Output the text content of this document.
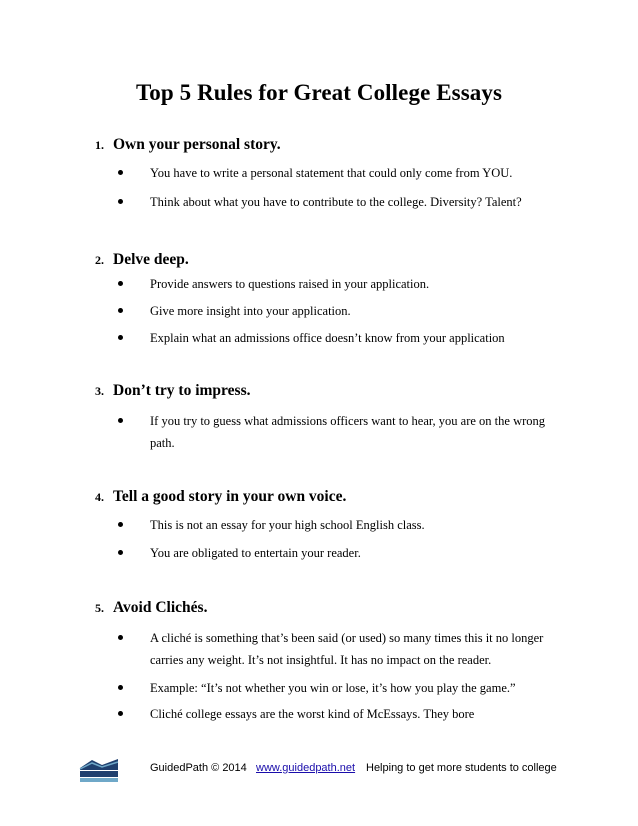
Top 5 Rules for Great College Essays
1. Own your personal story.
You have to write a personal statement that could only come from YOU.
Think about what you have to contribute to the college. Diversity? Talent?
2. Delve deep.
Provide answers to questions raised in your application.
Give more insight into your application.
Explain what an admissions office doesn’t know from your application
3. Don’t try to impress.
If you try to guess what admissions officers want to hear, you are on the wrong path.
4. Tell a good story in your own voice.
This is not an essay for your high school English class.
You are obligated to entertain your reader.
5. Avoid Clichés.
A cliché is something that’s been said (or used) so many times this it no longer carries any weight. It’s not insightful. It has no impact on the reader.
Example: “It’s not whether you win or lose, it’s how you play the game.”
Cliché college essays are the worst kind of McEssays. They bore
GuidedPath © 2014 www.guidedpath.net Helping to get more students to college
